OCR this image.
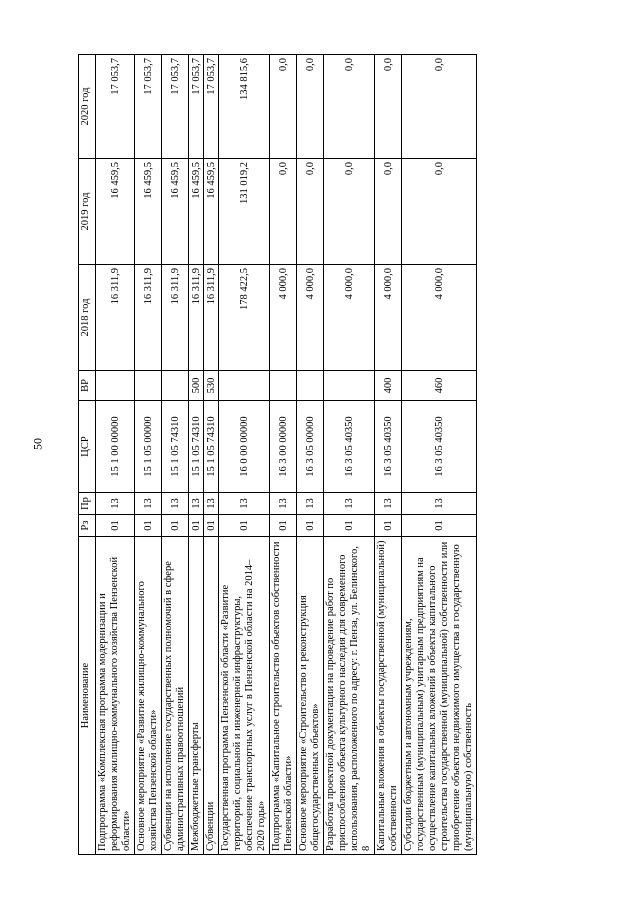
50
Наименование	Рз	Пр	ЦСР	ВР	2018 год	2019 год	2020 год
Подпрограмма «Комплексная программа модернизации и реформирования жилищно-коммунального хозяйства Пензенской области»	01	13	15 1 00 00000		16 311,9	16 459,5	17 053,7
Основное мероприятие «Развитие жилищно-коммунального хозяйства Пензенской области»	01	13	15 1 05 00000		16 311,9	16 459,5	17 053,7
Субвенции на исполнение государственных полномочий в сфере административных правоотношений	01	13	15 1 05 74310		16 311,9	16 459,5	17 053,7
Межбюджетные трансферты	01	13	15 1 05 74310	500	16 311,9	16 459,5	17 053,7
Субвенции	01	13	15 1 05 74310	530	16 311,9	16 459,5	17 053,7
Государственная программа Пензенской области «Развитие территорий, социальной и инженерной инфраструктуры, обеспечение транспортных услуг в Пензенской области на 2014–2020 годы»	01	13	16 0 00 00000		178 422,5	131 019,2	134 815,6
Подпрограмма «Капитальное строительство объектов собственности Пензенской области»	01	13	16 3 00 00000		4 000,0	0,0	0,0
Основное мероприятие «Строительство и реконструкция общегосударственных объектов»	01	13	16 3 05 00000		4 000,0	0,0	0,0
Разработка проектной документации на проведение работ по приспособлению объекта культурного наследия для современного использования, расположенного по адресу: г. Пенза, ул. Белинского, 8	01	13	16 3 05 40350		4 000,0	0,0	0,0
Капитальные вложения в объекты государственной (муниципальной) собственности	01	13	16 3 05 40350	400	4 000,0	0,0	0,0
Субсидии бюджетным и автономным учреждениям, государственным (муниципальным) унитарным предприятиям на осуществление капитальных вложений в объекты капитального строительства государственной (муниципальной) собственности или приобретение объектов недвижимого имущества в государственную (муниципальную) собственность	01	13	16 3 05 40350	460	4 000,0	0,0	0,0
